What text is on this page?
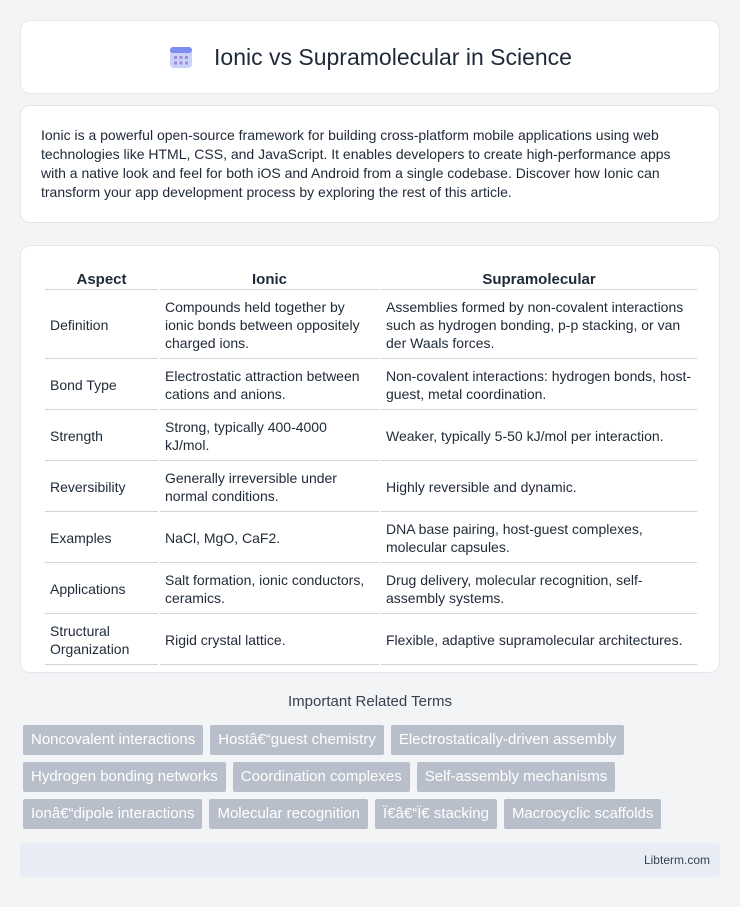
Ionic vs Supramolecular in Science

Ionic is a powerful open-source framework for building cross-platform mobile applications using web technologies like HTML, CSS, and JavaScript. It enables developers to create high-performance apps with a native look and feel for both iOS and Android from a single codebase. Discover how Ionic can transform your app development process by exploring the rest of this article.

Aspect	Ionic	Supramolecular
Definition	Compounds held together by ionic bonds between oppositely charged ions.	Assemblies formed by non-covalent interactions such as hydrogen bonding, p-p stacking, or van der Waals forces.
Bond Type	Electrostatic attraction between cations and anions.	Non-covalent interactions: hydrogen bonds, host-guest, metal coordination.
Strength	Strong, typically 400-4000 kJ/mol.	Weaker, typically 5-50 kJ/mol per interaction.
Reversibility	Generally irreversible under normal conditions.	Highly reversible and dynamic.
Examples	NaCl, MgO, CaF2.	DNA base pairing, host-guest complexes, molecular capsules.
Applications	Salt formation, ionic conductors, ceramics.	Drug delivery, molecular recognition, self-assembly systems.
Structural Organization	Rigid crystal lattice.	Flexible, adaptive supramolecular architectures.
Important Related Terms
Noncovalent interactions	Hostâ€“guest chemistry	Electrostatically-driven assembly
Hydrogen bonding networks	Coordination complexes	Self-assembly mechanisms
Ionâ€“dipole interactions	Molecular recognition	Ï€â€“Ï€ stacking	Macrocyclic scaffolds
Libterm.com
